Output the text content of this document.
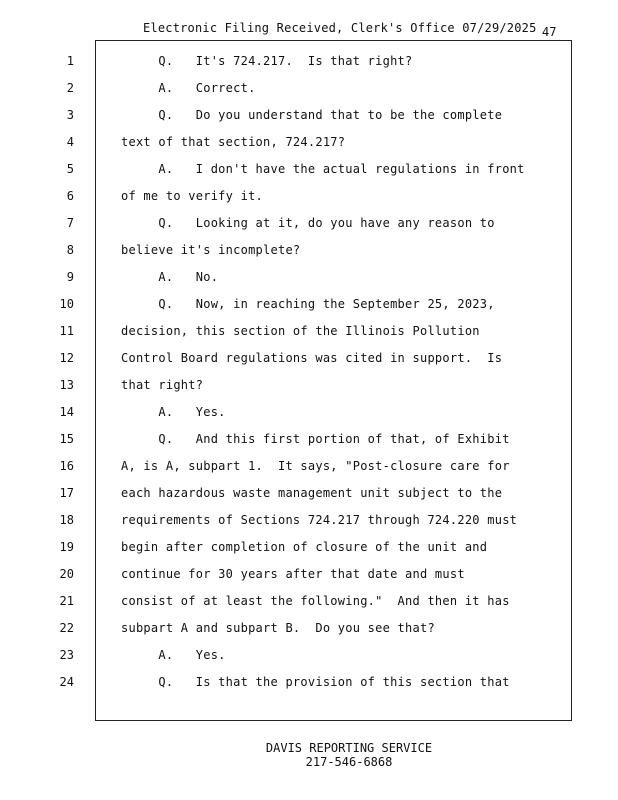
Electronic Filing Received, Clerk's Office 07/29/2025 47
1	Q.   It's 724.217.  Is that right?
2	A.   Correct.
3	Q.   Do you understand that to be the complete
4	text of that section, 724.217?
5	A.   I don't have the actual regulations in front
6	of me to verify it.
7	Q.   Looking at it, do you have any reason to
8	believe it's incomplete?
9	A.   No.
10	Q.   Now, in reaching the September 25, 2023,
11	decision, this section of the Illinois Pollution
12	Control Board regulations was cited in support.  Is
13	that right?
14	A.   Yes.
15	Q.   And this first portion of that, of Exhibit
16	A, is A, subpart 1.  It says, "Post-closure care for
17	each hazardous waste management unit subject to the
18	requirements of Sections 724.217 through 724.220 must
19	begin after completion of closure of the unit and
20	continue for 30 years after that date and must
21	consist of at least the following."  And then it has
22	subpart A and subpart B.  Do you see that?
23	A.   Yes.
24	Q.   Is that the provision of this section that
DAVIS REPORTING SERVICE
217-546-6868
